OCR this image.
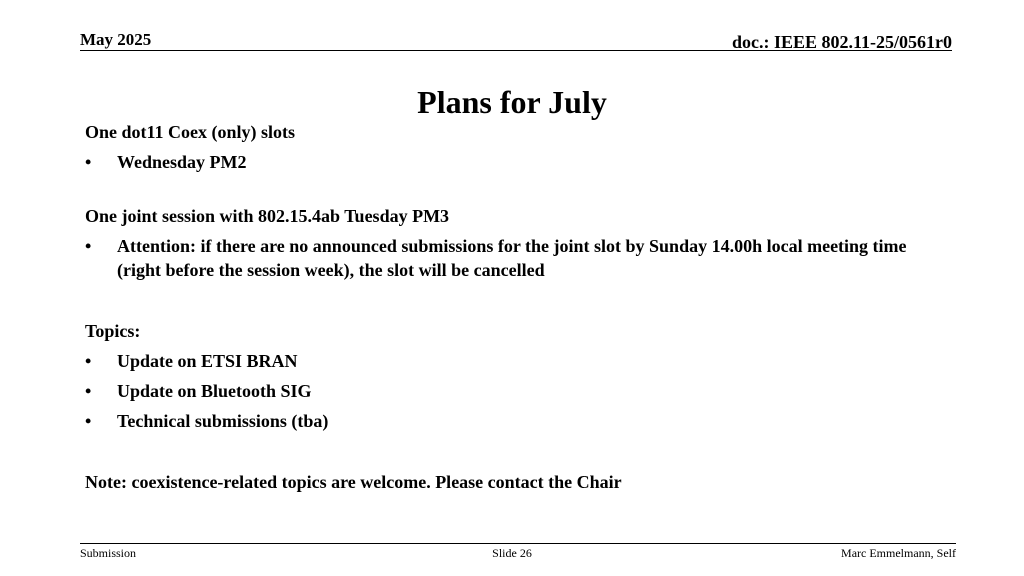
May 2025	doc.: IEEE 802.11-25/0561r0
Plans for July
One dot11 Coex (only) slots
• Wednesday PM2
One joint session with 802.15.4ab Tuesday PM3
• Attention: if there are no announced submissions for the joint slot by Sunday 14.00h local meeting time (right before the session week), the slot will be cancelled
Topics:
• Update on ETSI BRAN
• Update on Bluetooth SIG
• Technical submissions (tba)
Note: coexistence-related topics are welcome. Please contact the Chair
Submission	Slide 26	Marc Emmelmann, Self
